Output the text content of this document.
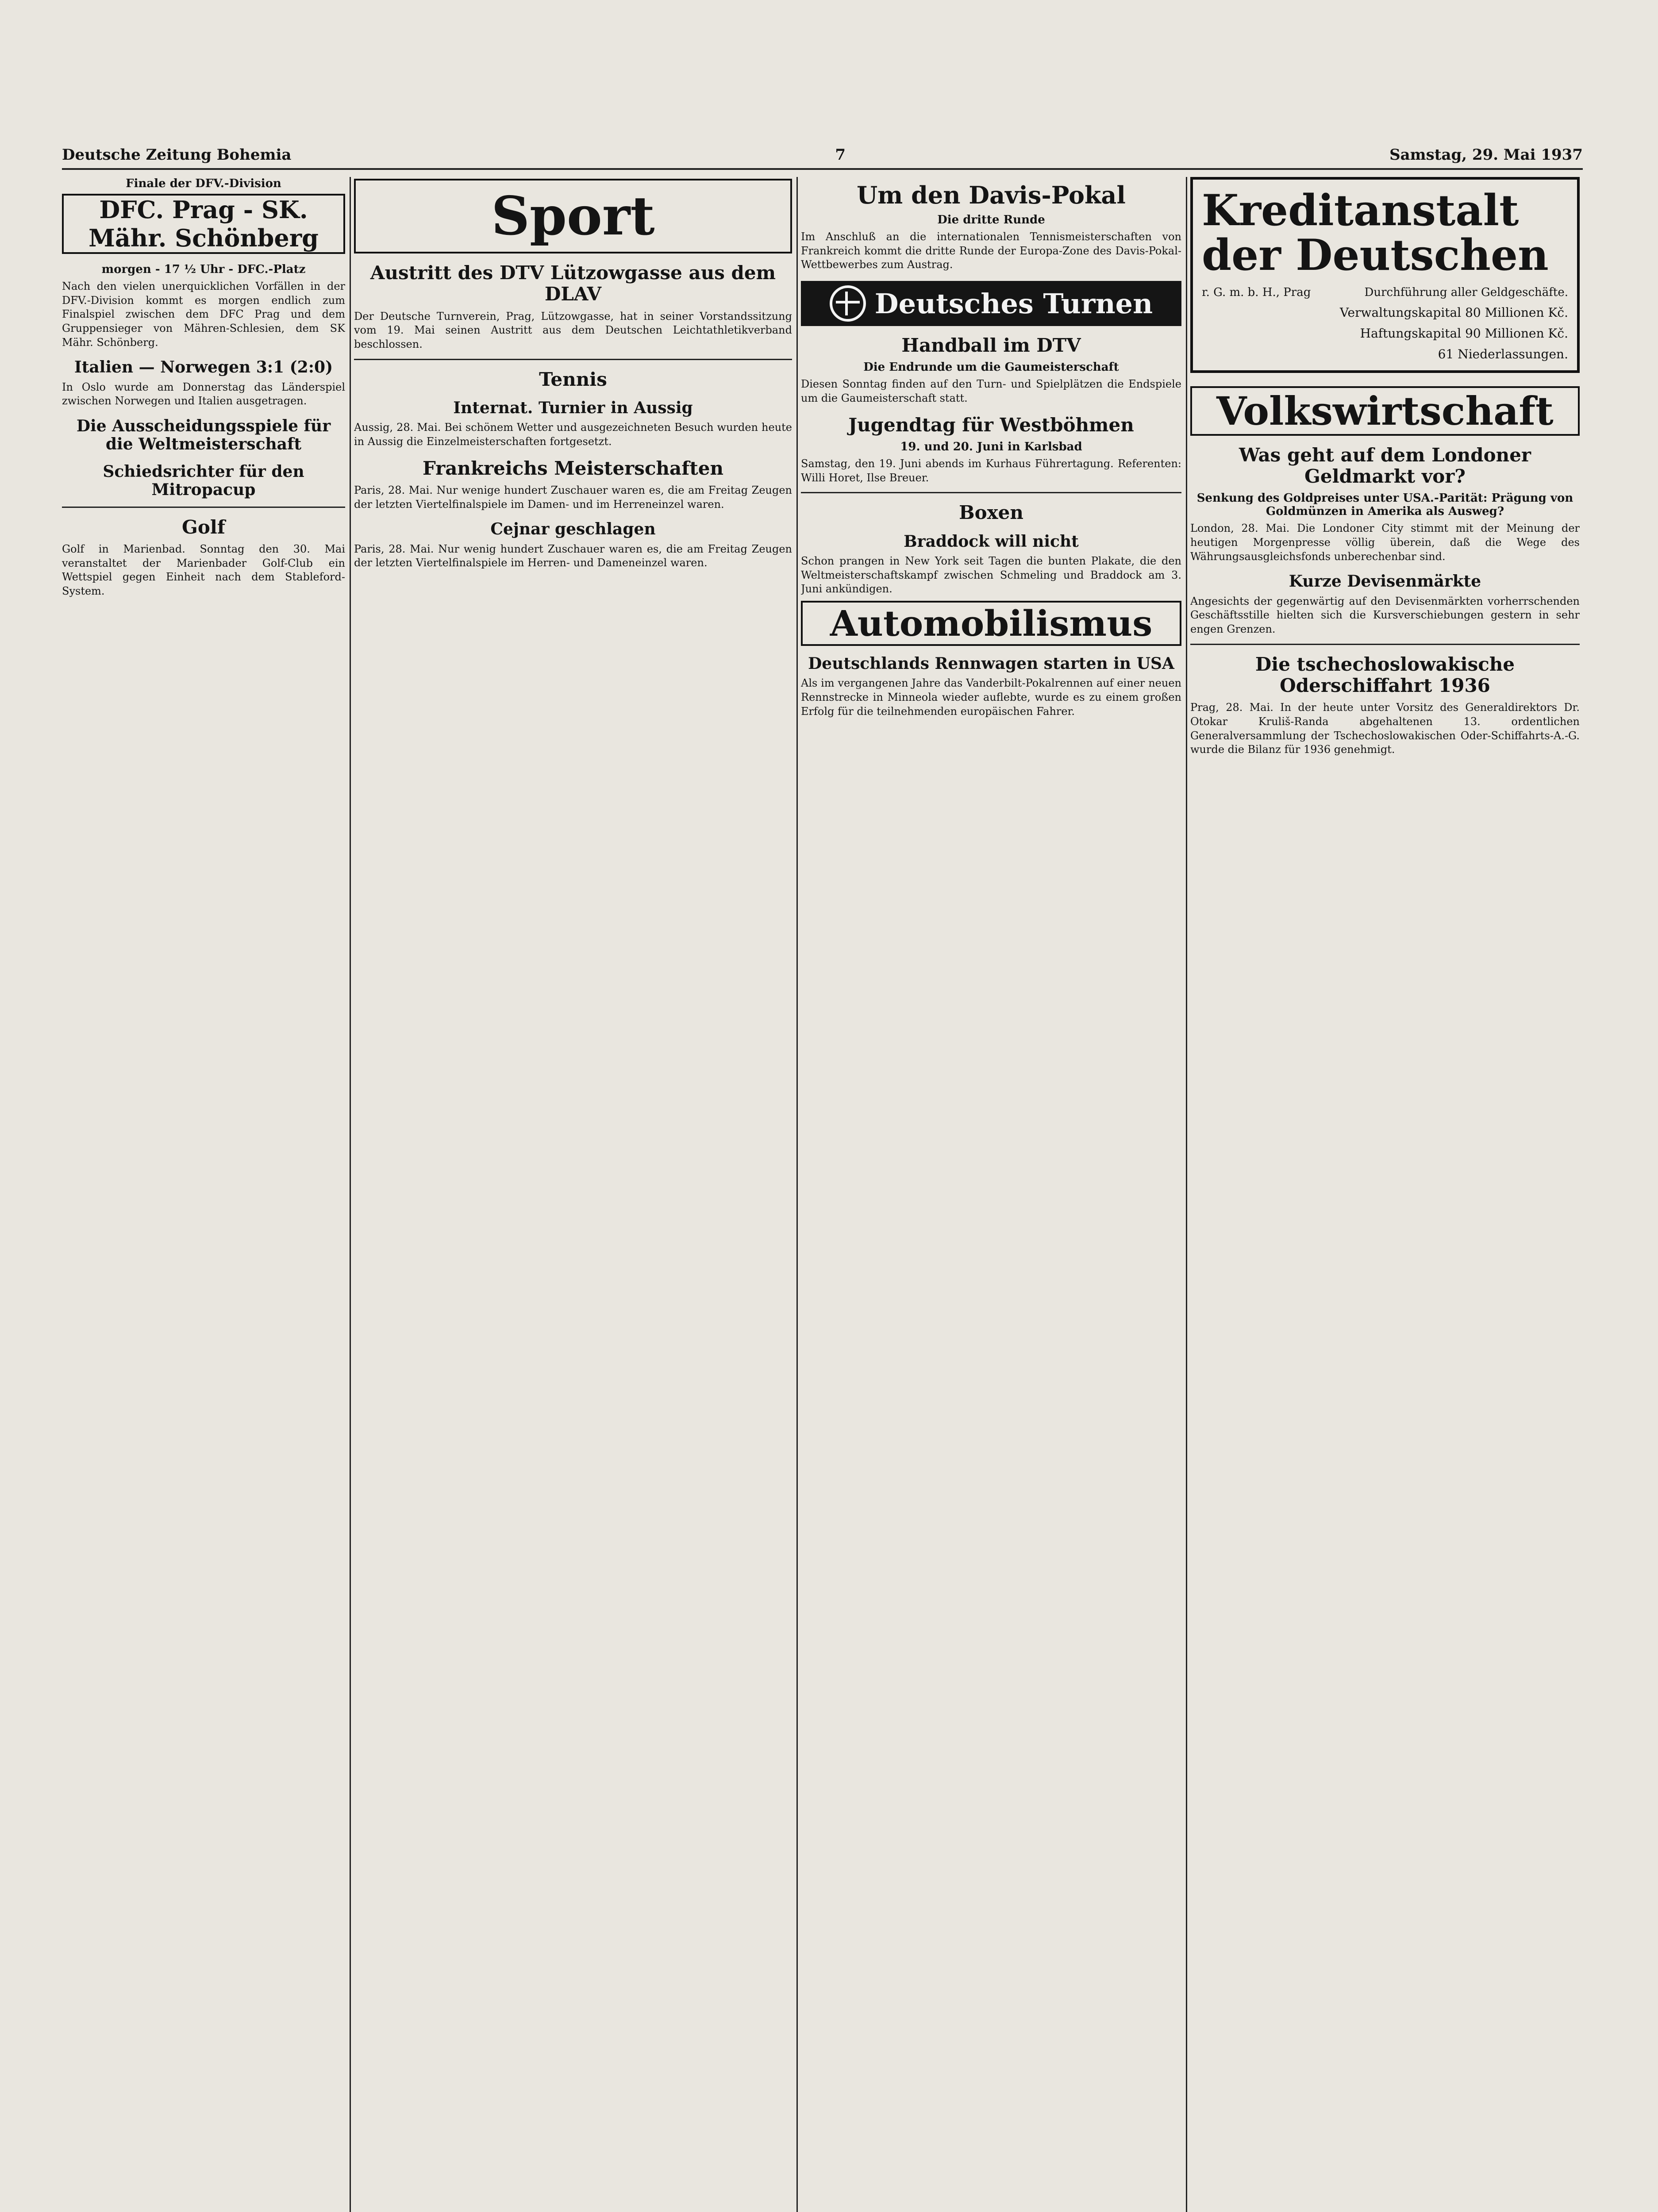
Deutsche Zeitung Bohemia	7	Samstag, 29. Mai 1937
Finale der DFV.-Division
DFC. Prag - SK. Mähr. Schönberg
morgen - 17 ½ Uhr - DFC.-Platz

Nach den vielen unerquicklichen Vorfällen in der DFV.-Division kommt es morgen endlich zum Finalspiel zwischen dem DFC Prag und dem Gruppensieger von Mähren-Schlesien, dem SK Mähr. Schönberg.

Italien — Norwegen 3:1 (2:0)

In Oslo wurde am Donnerstag das Länderspiel zwischen Norwegen und Italien ausgetragen.

Die Ausscheidungsspiele für die Weltmeisterschaft
Schiedsrichter für den Mitropacup
Golf

Golf in Marienbad. Sonntag den 30. Mai veranstaltet der Marienbader Golf-Club ein Wettspiel gegen Einheit nach dem Stableford-System.

Sport
Austritt des DTV Lützowgasse aus dem DLAV

Der Deutsche Turnverein, Prag, Lützowgasse, hat in seiner Vorstandssitzung vom 19. Mai seinen Austritt aus dem Deutschen Leichtathletikverband beschlossen.

Tennis
Internat. Turnier in Aussig

Aussig, 28. Mai. Bei schönem Wetter und ausgezeichneten Besuch wurden heute in Aussig die Einzelmeisterschaften fortgesetzt.

Frankreichs Meisterschaften

Paris, 28. Mai. Nur wenige hundert Zuschauer waren es, die am Freitag Zeugen der letzten Viertelfinalspiele im Damen- und im Herreneinzel waren.

Cejnar geschlagen

Paris, 28. Mai. Nur wenig hundert Zuschauer waren es, die am Freitag Zeugen der letzten Viertelfinalspiele im Herren- und Dameneinzel waren.

Um den Davis-Pokal
Die dritte Runde

Im Anschluß an die internationalen Tennismeisterschaften von Frankreich kommt die dritte Runde der Europa-Zone des Davis-Pokal-Wettbewerbes zum Austrag.

Deutsches Turnen
Handball im DTV
Die Endrunde um die Gaumeisterschaft

Diesen Sonntag finden auf den Turn- und Spielplätzen die Endspiele um die Gaumeisterschaft statt.

Jugendtag für Westböhmen
19. und 20. Juni in Karlsbad

Samstag, den 19. Juni abends im Kurhaus Führertagung. Referenten: Willi Horet, Ilse Breuer.

Boxen
Braddock will nicht

Schon prangen in New York seit Tagen die bunten Plakate, die den Weltmeisterschaftskampf zwischen Schmeling und Braddock am 3. Juni ankündigen.

Automobilismus
Deutschlands Rennwagen starten in USA

Als im vergangenen Jahre das Vanderbilt-Pokalrennen auf einer neuen Rennstrecke in Minneola wieder auflebte, wurde es zu einem großen Erfolg für die teilnehmenden europäischen Fahrer.

Kreditanstalt der Deutschen
r. G. m. b. H., Prag	Durchführung aller Geldgeschäfte.
Verwaltungskapital 80 Millionen Kč.
Haftungskapital 90 Millionen Kč.
61 Niederlassungen.
Volkswirtschaft
Was geht auf dem Londoner Geldmarkt vor?
Senkung des Goldpreises unter USA.-Parität: Prägung von Goldmünzen in Amerika als Ausweg?

London, 28. Mai. Die Londoner City stimmt mit der Meinung der heutigen Morgenpresse völlig überein, daß die Wege des Währungsausgleichsfonds unberechenbar sind.

Kurze Devisenmärkte

Angesichts der gegenwärtig auf den Devisenmärkten vorherrschenden Geschäftsstille hielten sich die Kursverschiebungen gestern in sehr engen Grenzen.

Die tschechoslowakische Oderschiffahrt 1936

Prag, 28. Mai. In der heute unter Vorsitz des Generaldirektors Dr. Otokar Kruliš-Randa abgehaltenen 13. ordentlichen Generalversammlung der Tschechoslowakischen Oder-Schiffahrts-A.-G. wurde die Bilanz für 1936 genehmigt.
